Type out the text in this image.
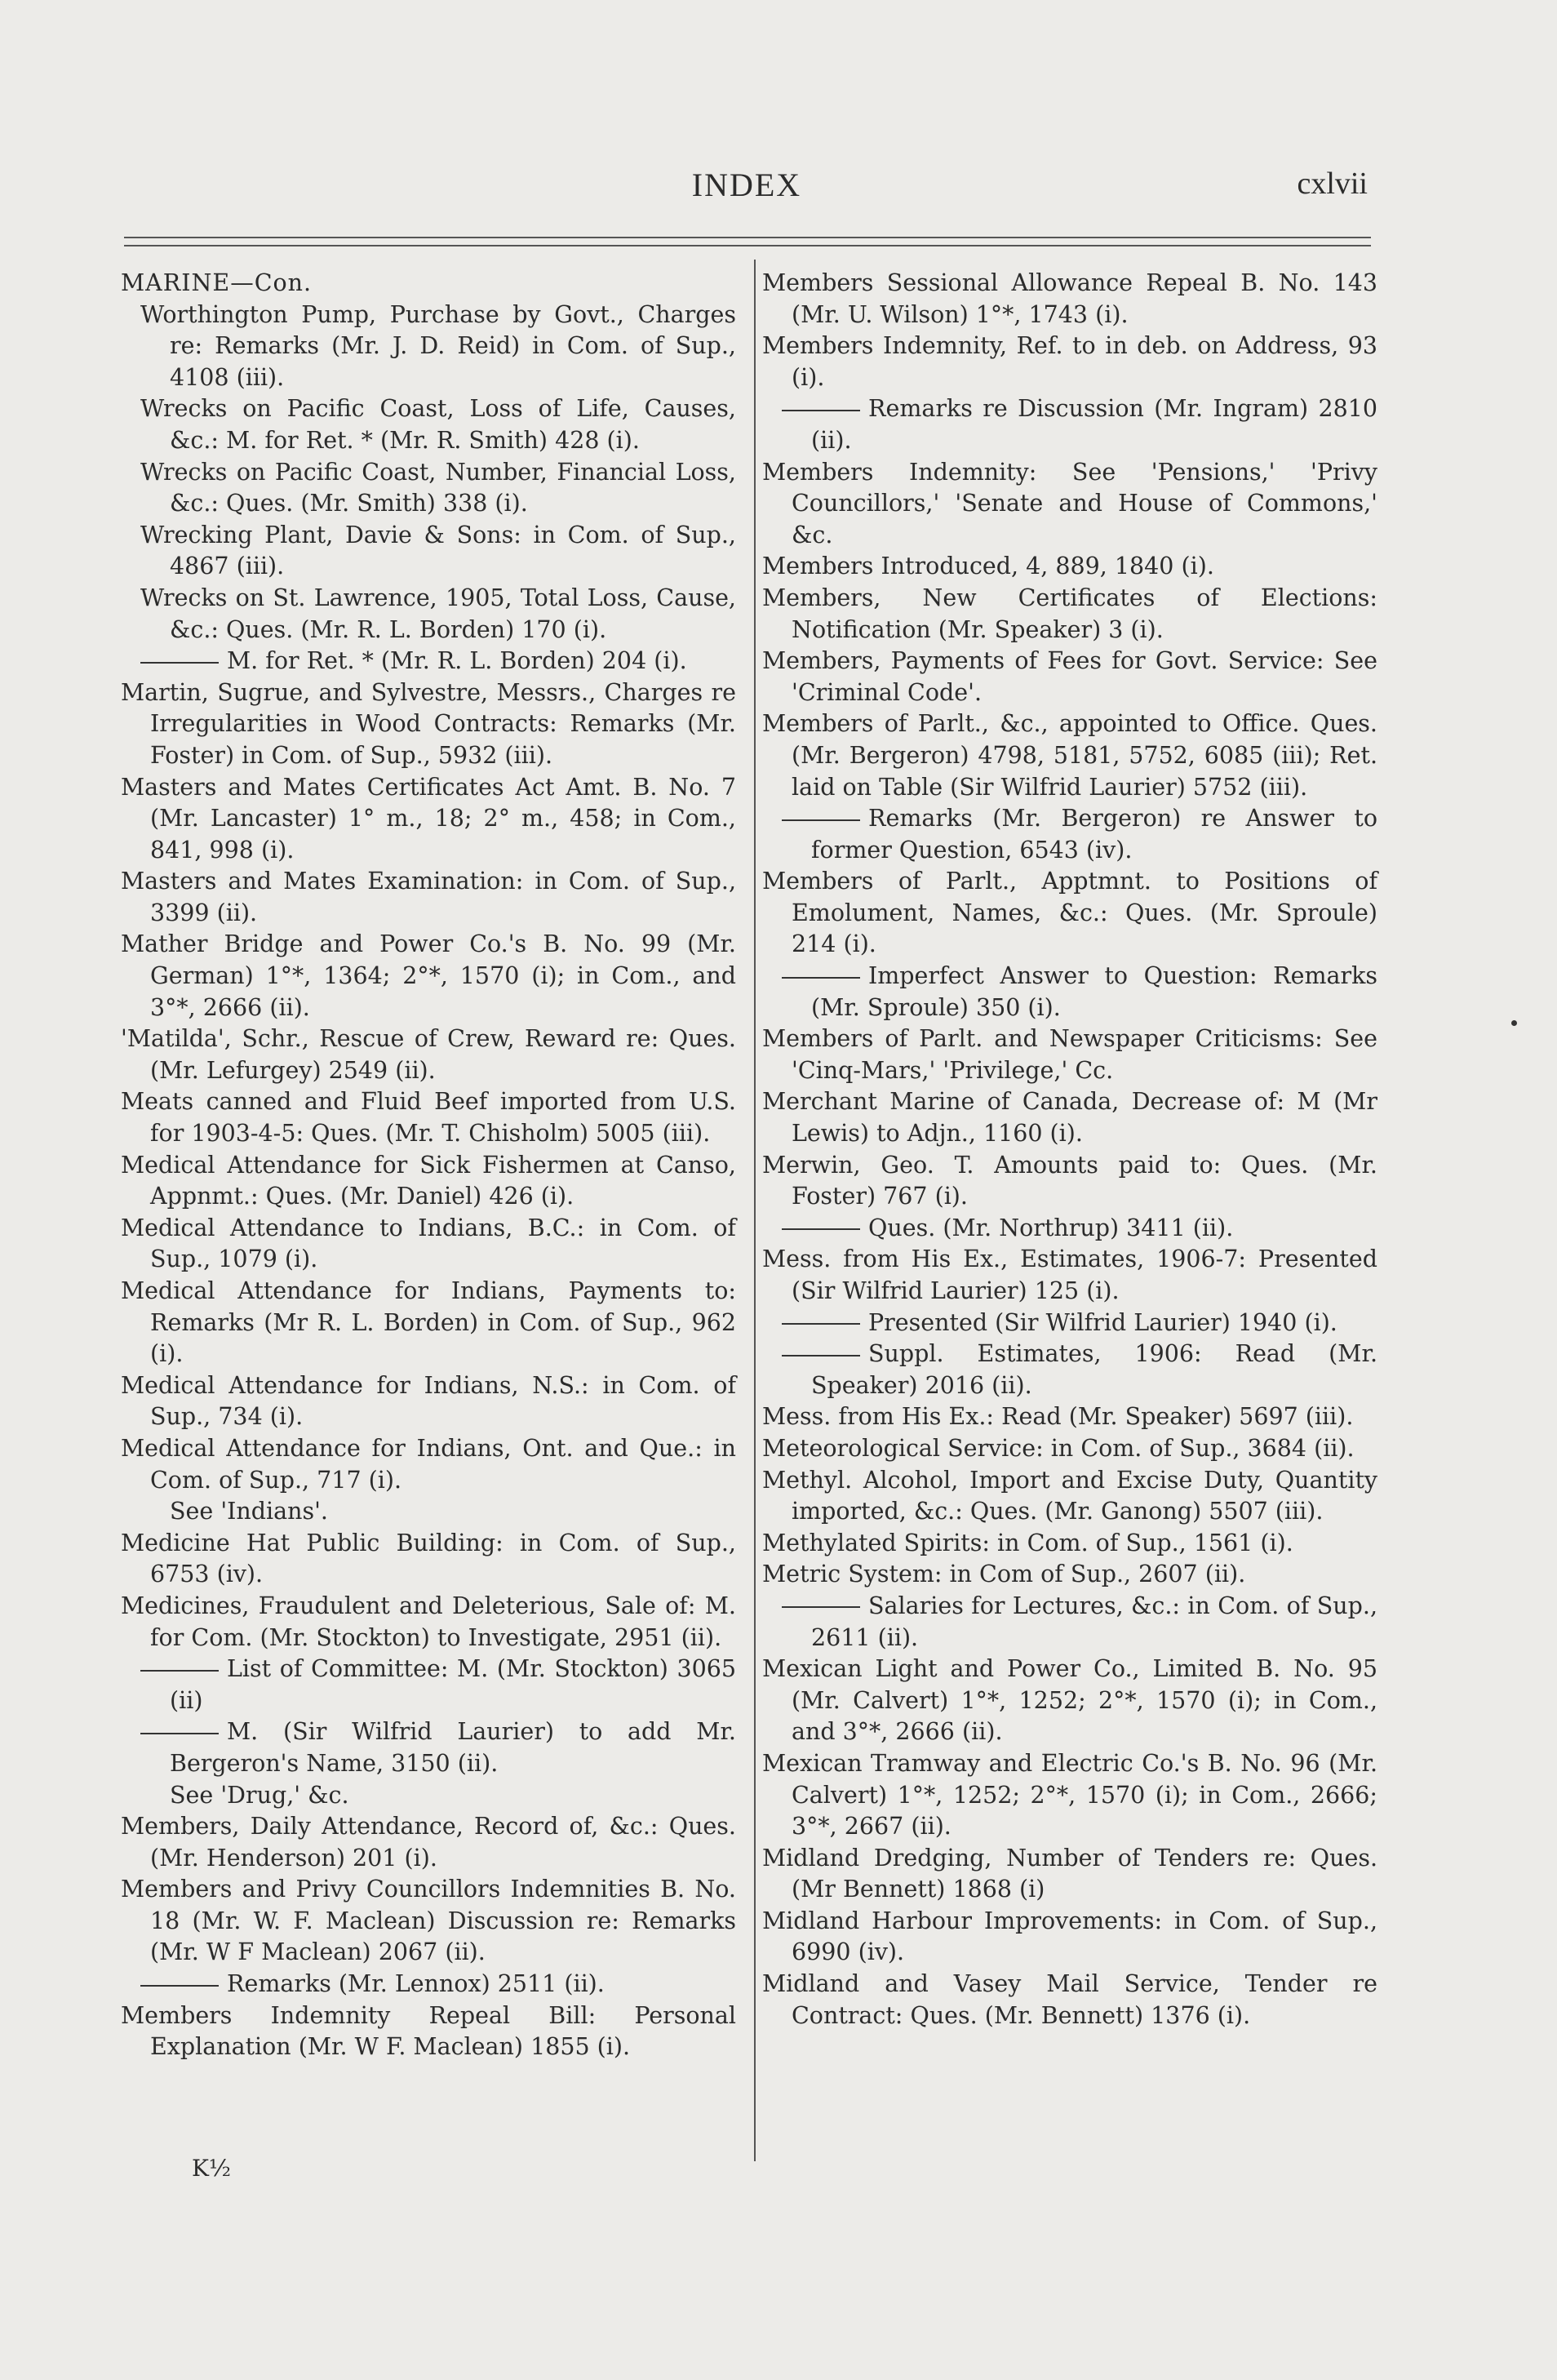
INDEX	cxlvii

MARINE—Con.

Worthington Pump, Purchase by Govt., Charges re: Remarks (Mr. J. D. Reid) in Com. of Sup., 4108 (iii).

Wrecks on Pacific Coast, Loss of Life, Causes, &c.: M. for Ret. * (Mr. R. Smith) 428 (i).

Wrecks on Pacific Coast, Number, Financial Loss, &c.: Ques. (Mr. Smith) 338 (i).

Wrecking Plant, Davie & Sons: in Com. of Sup., 4867 (iii).

Wrecks on St. Lawrence, 1905, Total Loss, Cause, &c.: Ques. (Mr. R. L. Borden) 170 (i).

M. for Ret. * (Mr. R. L. Borden) 204 (i).

Martin, Sugrue, and Sylvestre, Messrs., Charges re Irregularities in Wood Contracts: Remarks (Mr. Foster) in Com. of Sup., 5932 (iii).

Masters and Mates Certificates Act Amt. B. No. 7 (Mr. Lancaster) 1° m., 18; 2° m., 458; in Com., 841, 998 (i).

Masters and Mates Examination: in Com. of Sup., 3399 (ii).

Mather Bridge and Power Co.'s B. No. 99 (Mr. German) 1°*, 1364; 2°*, 1570 (i); in Com., and 3°*, 2666 (ii).

'Matilda', Schr., Rescue of Crew, Reward re: Ques. (Mr. Lefurgey) 2549 (ii).

Meats canned and Fluid Beef imported from U.S. for 1903-4-5: Ques. (Mr. T. Chisholm) 5005 (iii).

Medical Attendance for Sick Fishermen at Canso, Appnmt.: Ques. (Mr. Daniel) 426 (i).

Medical Attendance to Indians, B.C.: in Com. of Sup., 1079 (i).

Medical Attendance for Indians, Payments to: Remarks (Mr R. L. Borden) in Com. of Sup., 962 (i).

Medical Attendance for Indians, N.S.: in Com. of Sup., 734 (i).

Medical Attendance for Indians, Ont. and Que.: in Com. of Sup., 717 (i).

See 'Indians'.

Medicine Hat Public Building: in Com. of Sup., 6753 (iv).

Medicines, Fraudulent and Deleterious, Sale of: M. for Com. (Mr. Stockton) to Investigate, 2951 (ii).

List of Committee: M. (Mr. Stockton) 3065 (ii)

M. (Sir Wilfrid Laurier) to add Mr. Bergeron's Name, 3150 (ii).

See 'Drug,' &c.

Members, Daily Attendance, Record of, &c.: Ques. (Mr. Henderson) 201 (i).

Members and Privy Councillors Indemnities B. No. 18 (Mr. W. F. Maclean) Discussion re: Remarks (Mr. W F Maclean) 2067 (ii).

Remarks (Mr. Lennox) 2511 (ii).

Members Indemnity Repeal Bill: Personal Explanation (Mr. W F. Maclean) 1855 (i).

Members Sessional Allowance Repeal B. No. 143 (Mr. U. Wilson) 1°*, 1743 (i).

Members Indemnity, Ref. to in deb. on Address, 93 (i).

Remarks re Discussion (Mr. Ingram) 2810 (ii).

Members Indemnity: See 'Pensions,' 'Privy Councillors,' 'Senate and House of Commons,' &c.

Members Introduced, 4, 889, 1840 (i).

Members, New Certificates of Elections: Notification (Mr. Speaker) 3 (i).

Members, Payments of Fees for Govt. Service: See 'Criminal Code'.

Members of Parlt., &c., appointed to Office. Ques. (Mr. Bergeron) 4798, 5181, 5752, 6085 (iii); Ret. laid on Table (Sir Wilfrid Laurier) 5752 (iii).

Remarks (Mr. Bergeron) re Answer to former Question, 6543 (iv).

Members of Parlt., Apptmnt. to Positions of Emolument, Names, &c.: Ques. (Mr. Sproule) 214 (i).

Imperfect Answer to Question: Remarks (Mr. Sproule) 350 (i).

Members of Parlt. and Newspaper Criticisms: See 'Cinq-Mars,' 'Privilege,' Cc.

Merchant Marine of Canada, Decrease of: M (Mr Lewis) to Adjn., 1160 (i).

Merwin, Geo. T. Amounts paid to: Ques. (Mr. Foster) 767 (i).

Ques. (Mr. Northrup) 3411 (ii).

Mess. from His Ex., Estimates, 1906-7: Presented (Sir Wilfrid Laurier) 125 (i).

Presented (Sir Wilfrid Laurier) 1940 (i).

Suppl. Estimates, 1906: Read (Mr. Speaker) 2016 (ii).

Mess. from His Ex.: Read (Mr. Speaker) 5697 (iii).

Meteorological Service: in Com. of Sup., 3684 (ii).

Methyl. Alcohol, Import and Excise Duty, Quantity imported, &c.: Ques. (Mr. Ganong) 5507 (iii).

Methylated Spirits: in Com. of Sup., 1561 (i).

Metric System: in Com of Sup., 2607 (ii).

Salaries for Lectures, &c.: in Com. of Sup., 2611 (ii).

Mexican Light and Power Co., Limited B. No. 95 (Mr. Calvert) 1°*, 1252; 2°*, 1570 (i); in Com., and 3°*, 2666 (ii).

Mexican Tramway and Electric Co.'s B. No. 96 (Mr. Calvert) 1°*, 1252; 2°*, 1570 (i); in Com., 2666; 3°*, 2667 (ii).

Midland Dredging, Number of Tenders re: Ques. (Mr Bennett) 1868 (i)

Midland Harbour Improvements: in Com. of Sup., 6990 (iv).

Midland and Vasey Mail Service, Tender re Contract: Ques. (Mr. Bennett) 1376 (i).

K½
